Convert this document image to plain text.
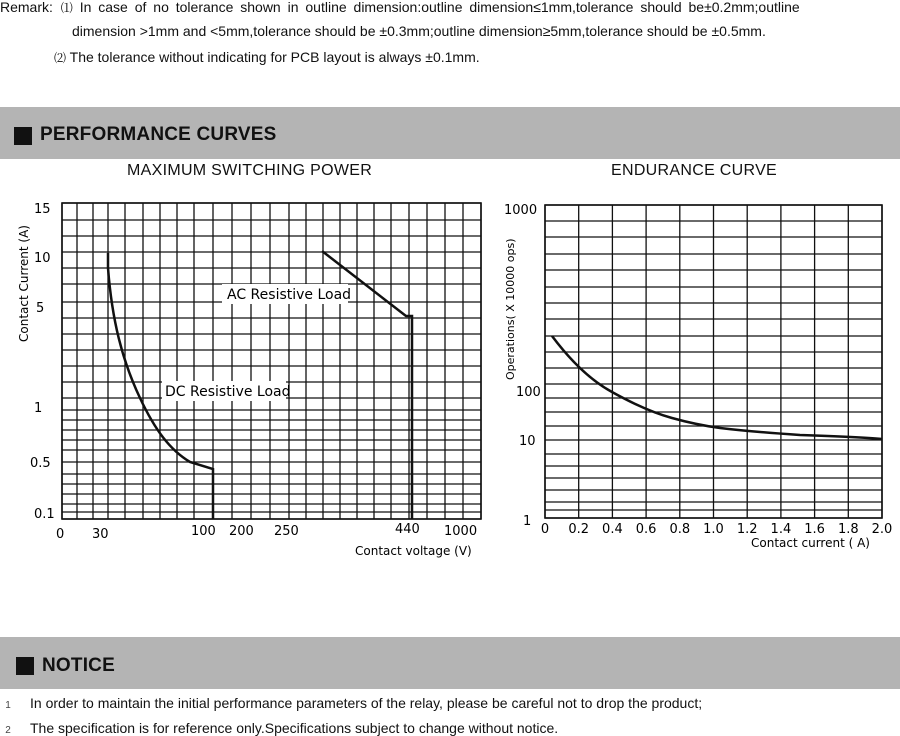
Remark: ⑴ In case of no tolerance shown in outline dimension:outline dimension≤1mm,tolerance should be±0.2mm;outline
dimension >1mm and <5mm,tolerance should be ±0.3mm;outline dimension≥5mm,tolerance should be ±0.5mm.
⑵ The tolerance without indicating for PCB layout is always ±0.1mm.
PERFORMANCE CURVES
MAXIMUM SWITCHING POWER	ENDURANCE CURVE
AC Resistive Load
DC Resistive Load
15
10
5
1
0.5
0.1
0 30	100 200 250	440 1000
Contact voltage (V)
Contact Current (A)
1000
100
10
1
0 0.2 0.4 0.6 0.8 1.0 1.2 1.4 1.6 1.8 2.0
Contact current ( A)
Operations( X 10000 ops)
NOTICE
1 In order to maintain the initial performance parameters of the relay, please be careful not to drop the product;
2 The specification is for reference only.Specifications subject to change without notice.
